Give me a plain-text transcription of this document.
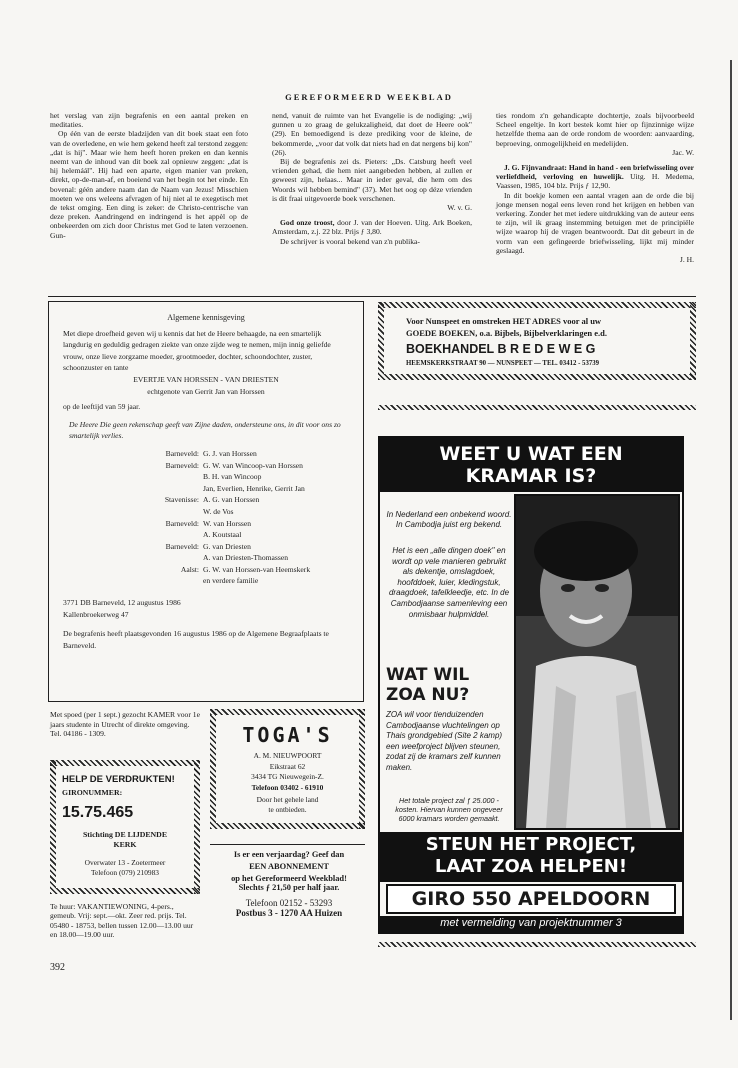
GEREFORMEERD WEEKBLAD

het verslag van zijn begrafenis en een aantal preken en meditaties.

Op één van de eerste bladzijden van dit boek staat een foto van de overledene, en wie hem gekend heeft zal terstond zeggen: „dat is hij". Maar wie hem heeft horen preken en dan kennis neemt van de inhoud van dit boek zal opnieuw zeggen: „dat is hij helemáál". Hij had een aparte, eigen manier van preken, direkt, op-de-man-af, en boeiend van het begin tot het einde. En bovenal: géén andere naam dan de Naam van Jezus! Misschien moeten we ons weleens afvragen of hij niet al te exegetisch met de tekst omging. Een ding is zeker: de Christo-centrische van deze preken. Aandringend en indringend is het appèl op de onbekeerden om zich door Christus met God te laten verzoenen. Gun-

nend, vanuit de ruimte van het Evangelie is de nodiging: „wij gunnen u zo graag de gelukzaligheid, dat doet de Heere ook" (29). En bemoedigend is deze prediking voor de kleine, de bekommerde, „voor dat volk dat niets had en dat nergens bij kon" (26).

Bij de begrafenis zei ds. Pieters: „Ds. Catsburg heeft veel vrienden gehad, die hem niet aangebeden hebben, al zullen er geweest zijn, helaas... Maar in ieder geval, die hem om des Woords wil hebben bemind" (37). Met het oog op déze vrienden is dit fraai uitgevoerde boek verschenen.

W. v. G.

God onze troost, door J. van der Hoeven. Uitg. Ark Boeken, Amsterdam, z.j. 22 blz. Prijs ƒ 3,80.

De schrijver is vooral bekend van z'n publika-

ties rondom z'n gehandicapte dochtertje, zoals bijvoorbeeld Scheel engeltje. In kort bestek komt hier op fijnzinnige wijze hetzelfde thema aan de orde rondom de woorden: aanvaarding, beproeving, onmogelijkheid en medelijden.

Jac. W.

J. G. Fijnvandraat: Hand in hand - een briefwisseling over verliefdheid, verloving en huwelijk. Uitg. H. Medema, Vaassen, 1985, 104 blz. Prijs ƒ 12,90.

In dit boekje komen een aantal vragen aan de orde die bij jonge mensen nogal eens leven rond het krijgen en hebben van verkering. Zonder het met iedere uitdrukking van de auteur eens te zijn, wil ik graag instemming betuigen met de principiële wijze waarop hij de vragen beantwoordt. Dat dit gebeurt in de vorm van een gefingeerde briefwisseling, lijkt mij minder geslaagd.

J. H.

Algemene kennisgeving
Met diepe droefheid geven wij u kennis dat het de Heere behaagde, na een smartelijk langdurig en geduldig gedragen ziekte van onze zijde weg te nemen, mijn innig geliefde vrouw, onze lieve zorgzame moeder, grootmoeder, dochter, schoondochter, zuster, schoonzuster en tante
EVERTJE VAN HORSSEN - VAN DRIESTEN
echtgenote van Gerrit Jan van Horssen
op de leeftijd van 59 jaar.
De Heere Die geen rekenschap geeft van Zijne daden, ondersteune ons, in dit voor ons zo smartelijk verlies.
Barneveld: G. J. van Horssen
Barneveld: G. W. van Wincoop-van Horssen
B. H. van Wincoop
Jan, Everlien, Henrike, Gerrit Jan
Stavenisse: A. G. van Horssen
W. de Vos
Barneveld: W. van Horssen
A. Koutstaal
Barneveld: G. van Driesten
A. van Driesten-Thomassen
Aalst: G. W. van Horssen-van Heemskerk
en verdere familie
3771 DB Barneveld, 12 augustus 1986
Kallenbroekerweg 47
De begrafenis heeft plaatsgevonden 16 augustus 1986 op de Algemene Begraafplaats te Barneveld.
Voor Nunspeet en omstreken HET ADRES voor al uw
GOEDE BOEKEN, o.a. Bijbels, Bijbelverklaringen e.d.
BOEKHANDEL B R E D E W E G
HEEMSKERKSTRAAT 90 — NUNSPEET — TEL. 03412 - 53739
WEET U WAT EEN
KRAMAR IS?
In Nederland een onbekend woord. In Cambodja juist erg bekend.
Het is een „alle dingen doek" en wordt op vele manieren gebruikt als dekentje, omslagdoek, hoofddoek, luier, kledingstuk, draagdoek, tafelkleedje, etc. In de Cambodjaanse samenleving een onmisbaar hulpmiddel.
WAT WIL
ZOA NU?
ZOA wil voor tienduizenden Cambodjaanse vluchtelingen op Thais grondgebied (Site 2 kamp) een weefproject blijven steunen, zodat zij de kramars zelf kunnen maken.
Het totale project zal ƒ 25.000 - kosten. Hiervan kunnen ongeveer 6000 kramars worden gemaakt.
STEUN HET PROJECT,
LAAT ZOA HELPEN!
GIRO 550 APELDOORN
met vermelding van projektnummer 3
Met spoed (per 1 sept.) gezocht KAMER voor 1e jaars studente in Utrecht of direkte omgeving. Tel. 04186 - 1309.
HELP DE VERDRUKTEN!
GIRONUMMER:
15.75.465
Stichting DE LIJDENDE
KERK
Overwater 13 - Zoetermeer
Telefoon (079) 210983
TOGA'S
A. M. NIEUWPOORT
Eikstraat 62
3434 TG Nieuwegein-Z.
Telefoon 03402 - 61910
Door het gehele land
te ontbieden.
Is er een verjaardag? Geef dan
EEN ABONNEMENT
op het Gereformeerd Weekblad!
Slechts ƒ 21,50 per half jaar.
Telefoon 02152 - 53293
Postbus 3 - 1270 AA Huizen
Te huur: VAKANTIEWONING, 4-pers., gemeub. Vrij: sept.—okt. Zeer red. prijs. Tel. 05480 - 18753, bellen tussen 12.00—13.00 uur en 18.00—19.00 uur.
392
